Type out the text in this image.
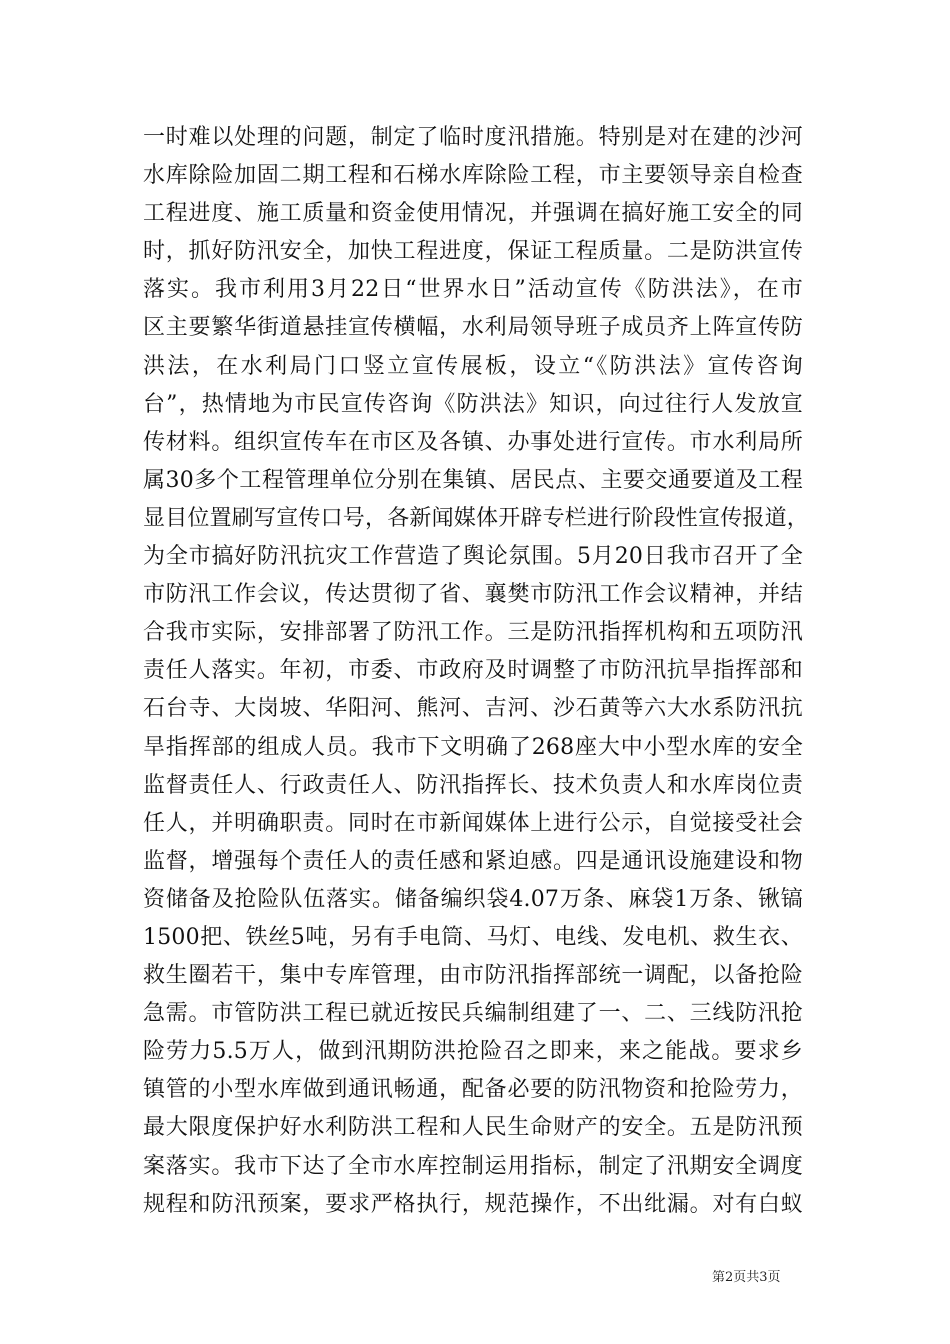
一时难以处理的问题，制定了临时度汛措施。特别是对在建的沙河
水库除险加固二期工程和石梯水库除险工程，市主要领导亲自检查
工程进度、施工质量和资金使用情况，并强调在搞好施工安全的同
时，抓好防汛安全，加快工程进度，保证工程质量。二是防洪宣传
落实。我市利用3月22日“世界水日”活动宣传《防洪法》，在市
区主要繁华街道悬挂宣传横幅，水利局领导班子成员齐上阵宣传防
洪法，在水利局门口竖立宣传展板，设立“《防洪法》宣传咨询
台”，热情地为市民宣传咨询《防洪法》知识，向过往行人发放宣
传材料。组织宣传车在市区及各镇、办事处进行宣传。市水利局所
属30多个工程管理单位分别在集镇、居民点、主要交通要道及工程
显目位置刷写宣传口号，各新闻媒体开辟专栏进行阶段性宣传报道，
为全市搞好防汛抗灾工作营造了舆论氛围。5月20日我市召开了全
市防汛工作会议，传达贯彻了省、襄樊市防汛工作会议精神，并结
合我市实际，安排部署了防汛工作。三是防汛指挥机构和五项防汛
责任人落实。年初，市委、市政府及时调整了市防汛抗旱指挥部和
石台寺、大岗坡、华阳河、熊河、吉河、沙石黄等六大水系防汛抗
旱指挥部的组成人员。我市下文明确了268座大中小型水库的安全
监督责任人、行政责任人、防汛指挥长、技术负责人和水库岗位责
任人，并明确职责。同时在市新闻媒体上进行公示，自觉接受社会
监督，增强每个责任人的责任感和紧迫感。四是通讯设施建设和物
资储备及抢险队伍落实。储备编织袋4.07万条、麻袋1万条、锹镐
1500把、铁丝5吨，另有手电筒、马灯、电线、发电机、救生衣、
救生圈若干，集中专库管理，由市防汛指挥部统一调配，以备抢险
急需。市管防洪工程已就近按民兵编制组建了一、二、三线防汛抢
险劳力5.5万人，做到汛期防洪抢险召之即来，来之能战。要求乡
镇管的小型水库做到通讯畅通，配备必要的防汛物资和抢险劳力，
最大限度保护好水利防洪工程和人民生命财产的安全。五是防汛预
案落实。我市下达了全市水库控制运用指标，制定了汛期安全调度
规程和防汛预案，要求严格执行，规范操作，不出纰漏。对有白蚁
第2页共3页
